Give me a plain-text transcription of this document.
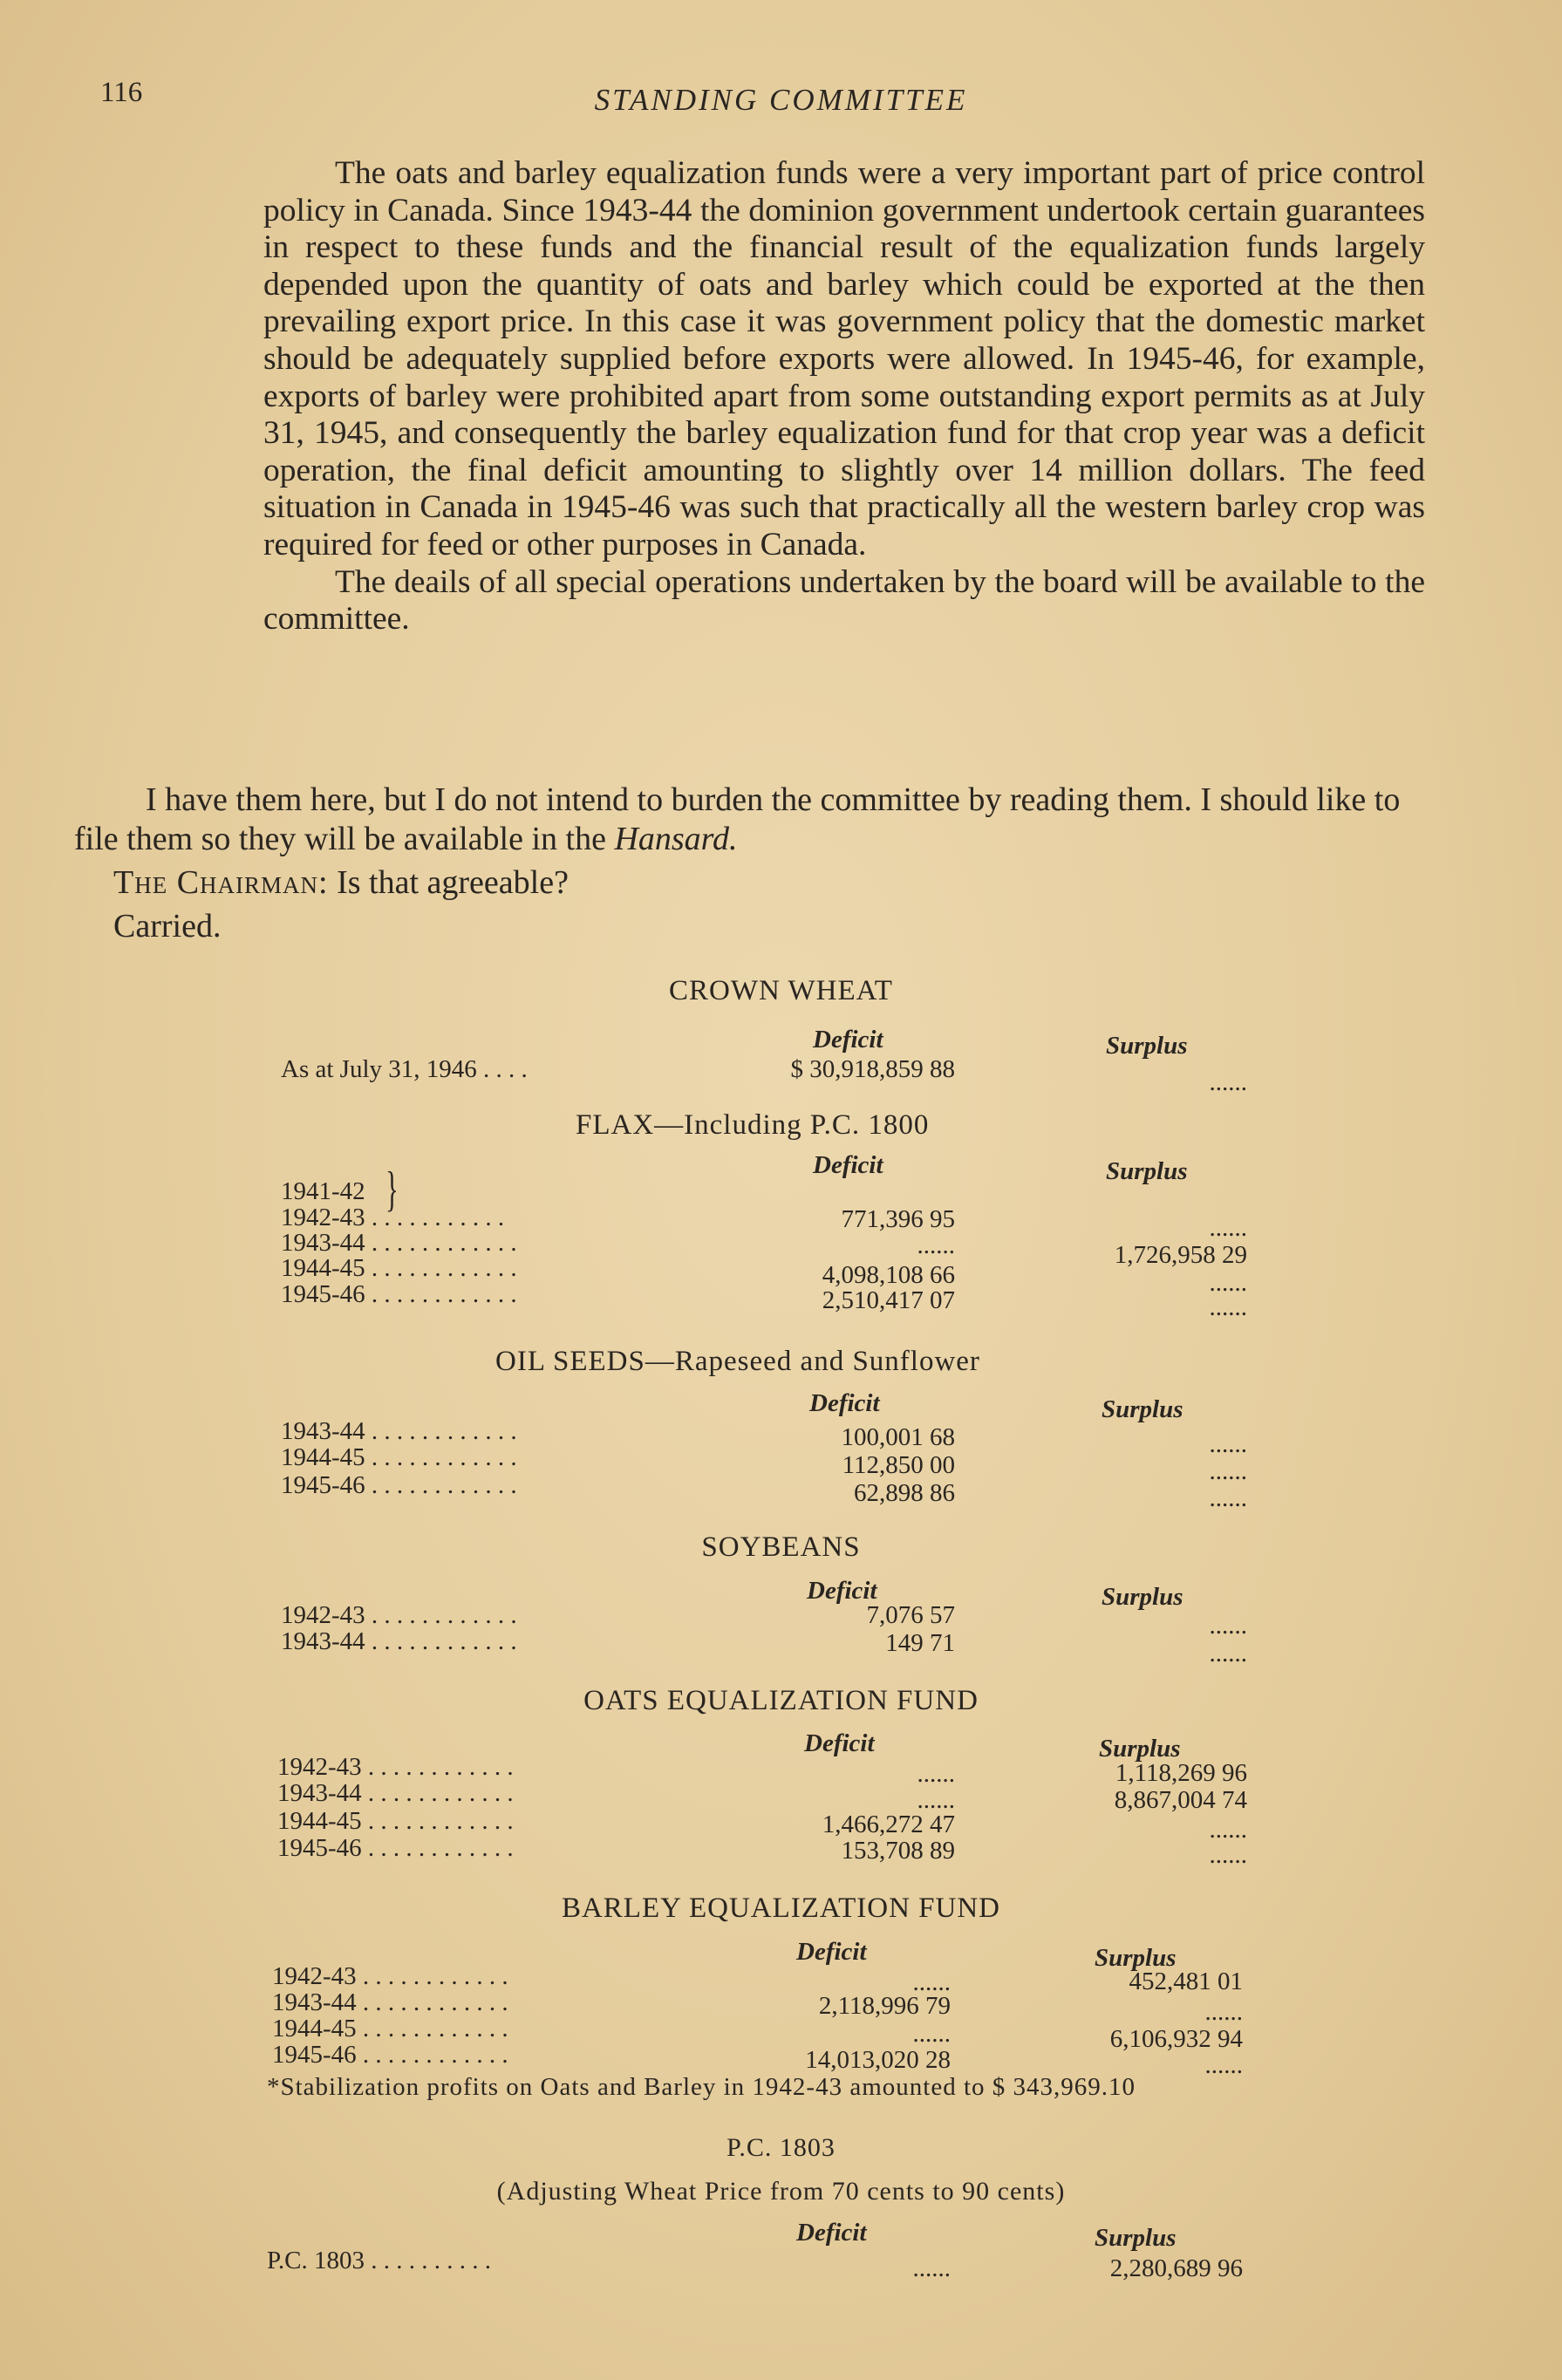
116	STANDING COMMITTEE

The oats and barley equalization funds were a very important part of price control policy in Canada. Since 1943-44 the dominion government undertook certain guarantees in respect to these funds and the financial result of the equalization funds largely depended upon the quantity of oats and barley which could be exported at the then prevailing export price. In this case it was government policy that the domestic market should be adequately supplied before exports were allowed. In 1945-46, for example, exports of barley were prohibited apart from some outstanding export permits as at July 31, 1945, and consequently the barley equalization fund for that crop year was a deficit operation, the final deficit amounting to slightly over 14 million dollars. The feed situation in Canada in 1945-46 was such that practically all the western barley crop was required for feed or other purposes in Canada.

The deails of all special operations undertaken by the board will be available to the committee.

I have them here, but I do not intend to burden the committee by reading them. I should like to file them so they will be available in the Hansard.

The Chairman: Is that agreeable?

Carried.

CROWN WHEAT
Deficit	Surplus
As at July 31, 1946 . . . .	$ 30,918,859 88	......
FLAX—Including P.C. 1800
Deficit	Surplus
1941-42 }
1942-43 . . . . . . . . . . .	771,396 95	......
1943-44 . . . . . . . . . . . .	......	1,726,958 29
1944-45 . . . . . . . . . . . .	4,098,108 66	......
1945-46 . . . . . . . . . . . .	2,510,417 07	......
OIL SEEDS—Rapeseed and Sunflower
Deficit	Surplus
1943-44 . . . . . . . . . . . .	100,001 68	......
1944-45 . . . . . . . . . . . .	112,850 00	......
1945-46 . . . . . . . . . . . .	62,898 86	......
SOYBEANS
Deficit	Surplus
1942-43 . . . . . . . . . . . .	7,076 57	......
1943-44 . . . . . . . . . . . .	149 71	......
OATS EQUALIZATION FUND
Deficit	Surplus
1942-43 . . . . . . . . . . . .	......	1,118,269 96
1943-44 . . . . . . . . . . . .	......	8,867,004 74
1944-45 . . . . . . . . . . . .	1,466,272 47	......
1945-46 . . . . . . . . . . . .	153,708 89	......
BARLEY EQUALIZATION FUND
Deficit	Surplus
1942-43 . . . . . . . . . . . .	......	452,481 01
1943-44 . . . . . . . . . . . .	2,118,996 79	......
1944-45 . . . . . . . . . . . .	......	6,106,932 94
1945-46 . . . . . . . . . . . .	14,013,020 28	......
*Stabilization profits on Oats and Barley in 1942-43 amounted to $ 343,969.10
P.C. 1803
(Adjusting Wheat Price from 70 cents to 90 cents)
Deficit	Surplus
P.C. 1803 . . . . . . . . . .	......	2,280,689 96
